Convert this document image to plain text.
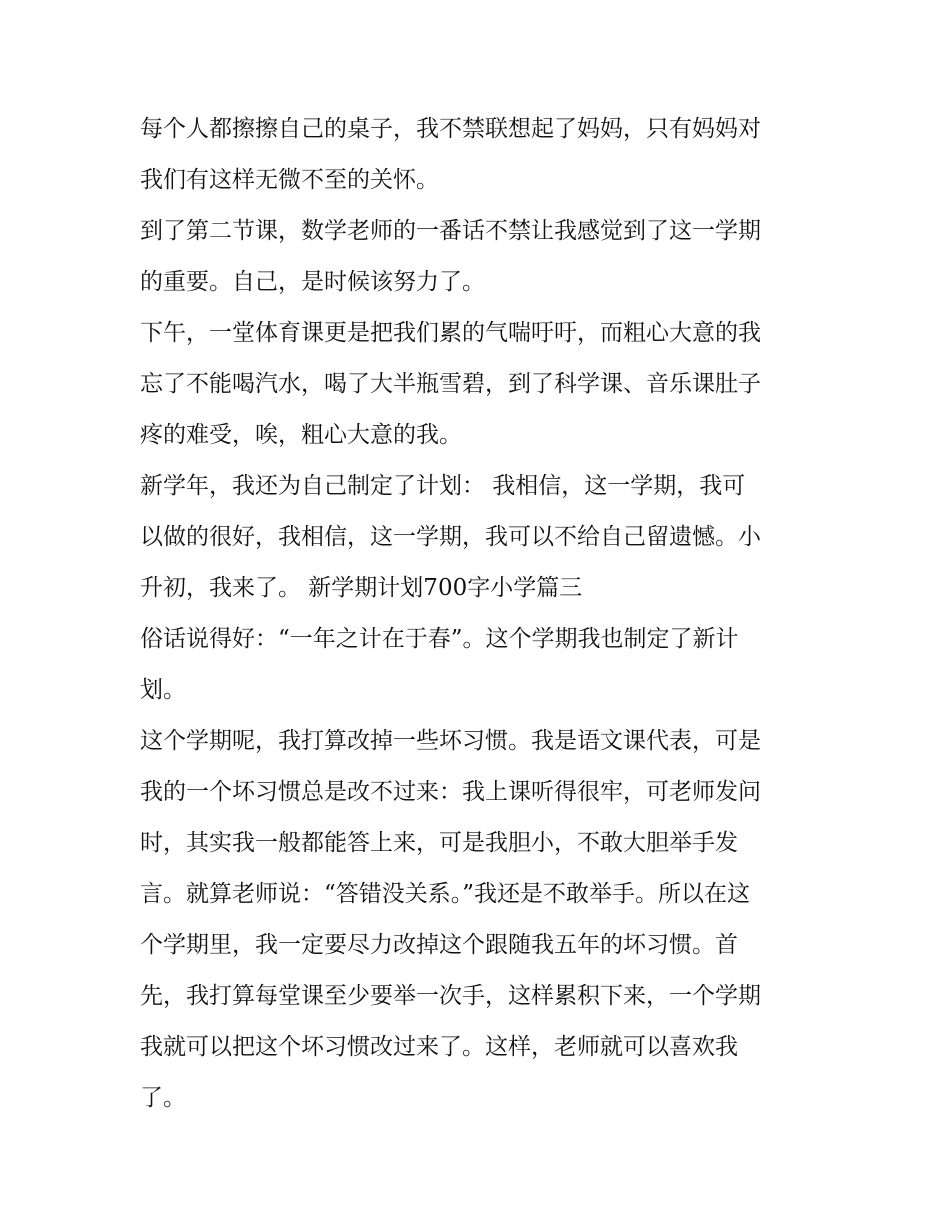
每个人都擦擦自己的桌子，我不禁联想起了妈妈，只有妈妈对
我们有这样无微不至的关怀。
到了第二节课，数学老师的一番话不禁让我感觉到了这一学期
的重要。自己，是时候该努力了。
下午，一堂体育课更是把我们累的气喘吁吁，而粗心大意的我
忘了不能喝汽水，喝了大半瓶雪碧，到了科学课、音乐课肚子
疼的难受，唉，粗心大意的我。
新学年，我还为自己制定了计划： 我相信，这一学期，我可
以做的很好，我相信，这一学期，我可以不给自己留遗憾。小
升初，我来了。 新学期计划700字小学篇三
俗话说得好：“一年之计在于春”。这个学期我也制定了新计
划。
这个学期呢，我打算改掉一些坏习惯。我是语文课代表，可是
我的一个坏习惯总是改不过来：我上课听得很牢，可老师发问
时，其实我一般都能答上来，可是我胆小，不敢大胆举手发
言。就算老师说：“答错没关系。”我还是不敢举手。所以在这
个学期里，我一定要尽力改掉这个跟随我五年的坏习惯。首
先，我打算每堂课至少要举一次手，这样累积下来，一个学期
我就可以把这个坏习惯改过来了。这样，老师就可以喜欢我
了。
